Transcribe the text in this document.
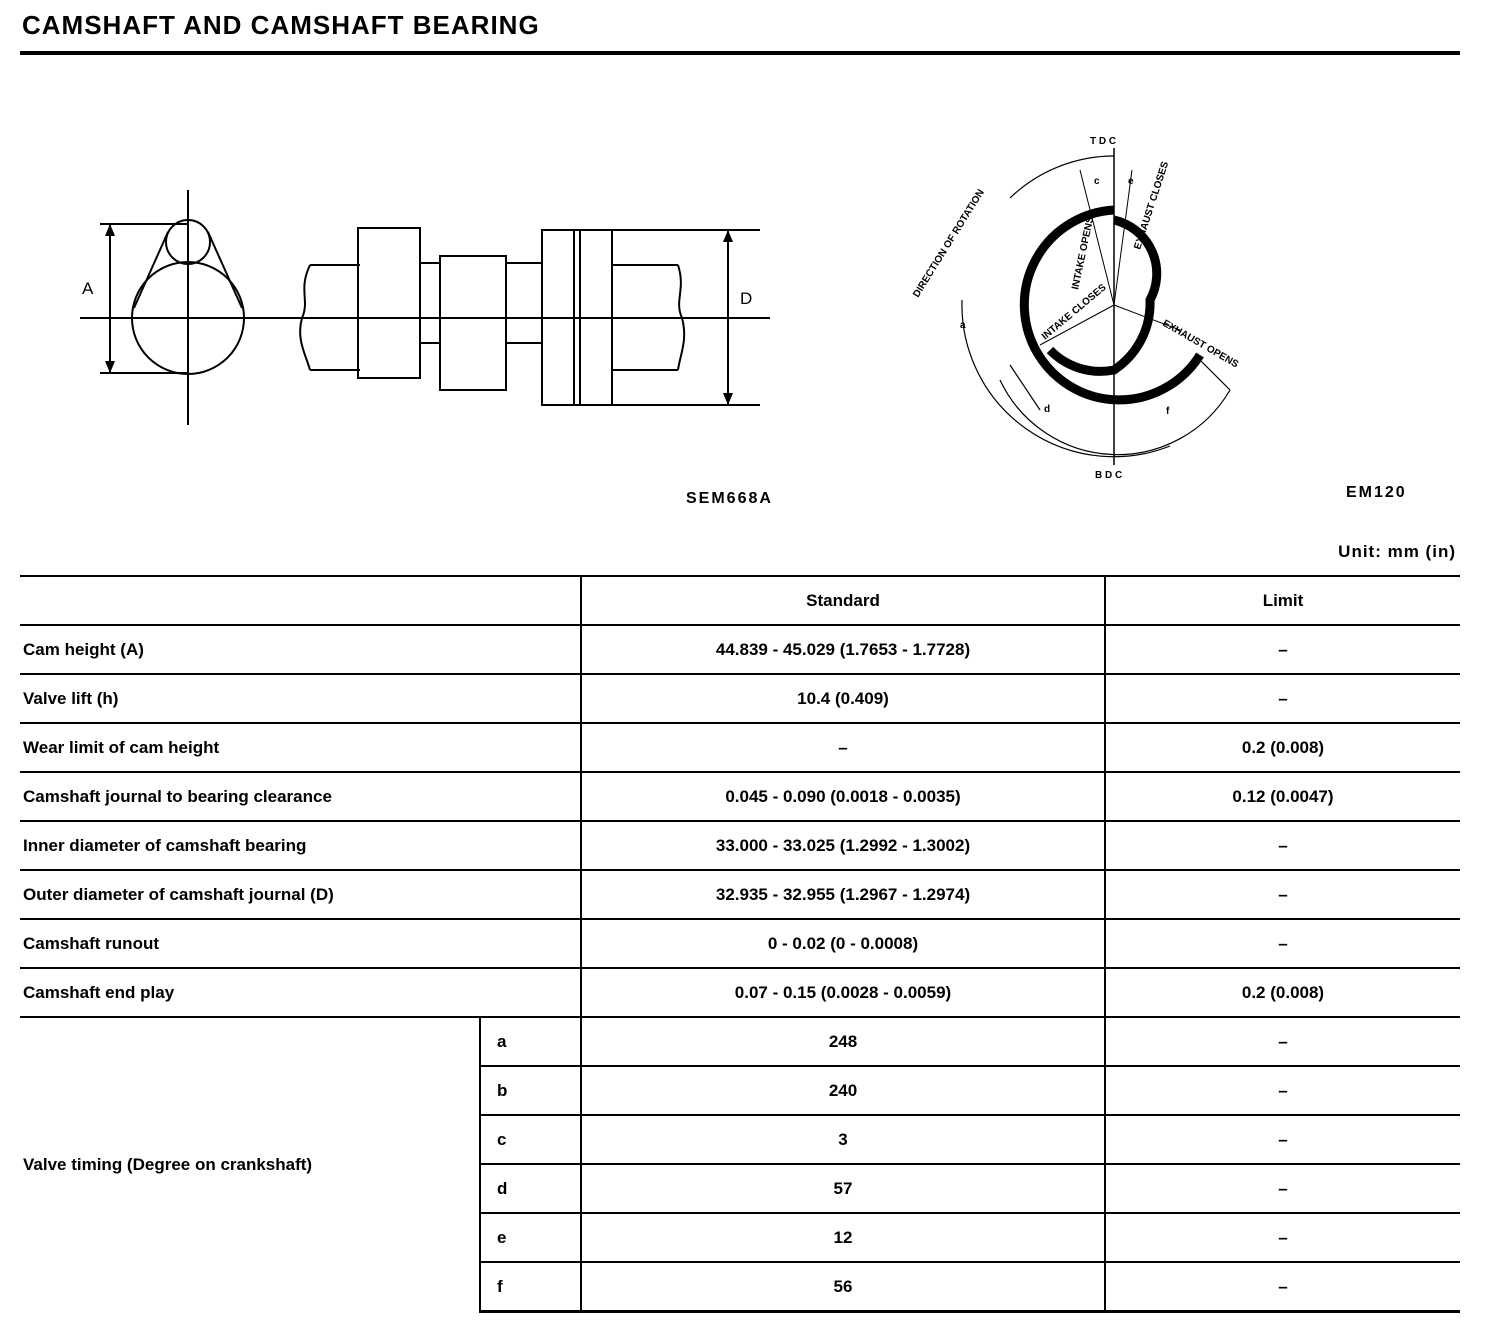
CAMSHAFT AND CAMSHAFT BEARING
A
D
SEM668A
T D C
B D C
DIRECTION OF ROTATION	INTAKE OPENS
INTAKE CLOSES
EXHAUST CLOSES
EXHAUST OPENS
a
b
c
d
e
f
EM120
Unit: mm (in)
		Standard	Limit
Cam height (A)		44.839 - 45.029 (1.7653 - 1.7728)	–
Valve lift (h)		10.4 (0.409)	–
Wear limit of cam height		–	0.2 (0.008)
Camshaft journal to bearing clearance		0.045 - 0.090 (0.0018 - 0.0035)	0.12 (0.0047)
Inner diameter of camshaft bearing		33.000 - 33.025 (1.2992 - 1.3002)	–
Outer diameter of camshaft journal (D)		32.935 - 32.955 (1.2967 - 1.2974)	–
Camshaft runout		0 - 0.02 (0 - 0.0008)	–
Camshaft end play		0.07 - 0.15 (0.0028 - 0.0059)	0.2 (0.008)
Valve timing (Degree on crankshaft)	a	248	–
	b	240	–
	c	3	–
	d	57	–
	e	12	–
	f	56	–
